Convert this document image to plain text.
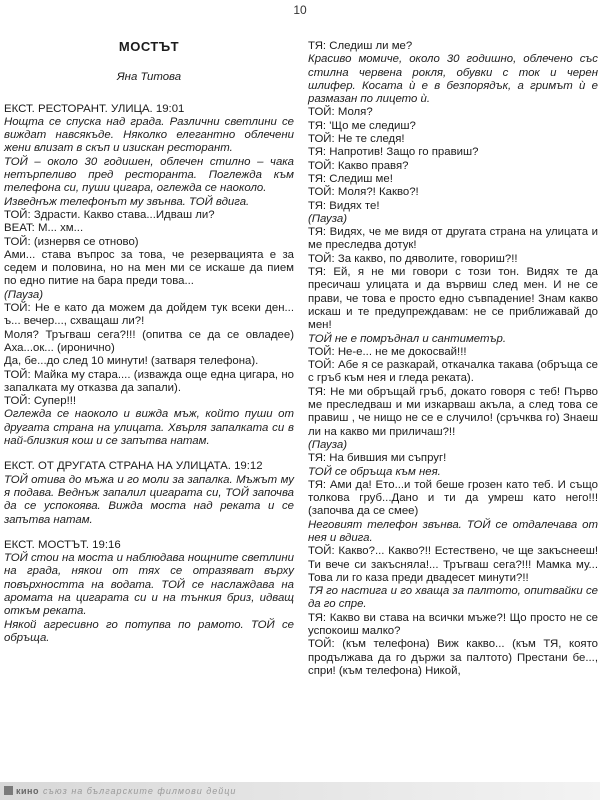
10

МОСТЪТ

Яна Титова

ЕКСТ. РЕСТОРАНТ. УЛИЦА. 19:01

Нощта се спуска над града. Различни светлини се виждат навсякъде. Няколко елегантно облечени жени влизат в скъп и изискан ресторант.

ТОЙ – около 30 годишен, облечен стилно – чака нетърпеливо пред ресторанта. Поглежда към телефона си, пуши цигара, оглежда се наоколо.

Изведнъж телефонът му звънва. ТОЙ вдига.

ТОЙ: Здрасти. Какво става...Идваш ли?

BEAT: М... хм...

ТОЙ: (изнервя се отново)

Ами... става въпрос за това, че резервацията е за седем и половина, но на мен ми се искаше да пием по едно питие на бара преди това...

(Пауза)

ТОЙ: Не е като да можем да дойдем тук всеки ден... ъ... вечер..., схващаш ли?!

Моля? Тръгваш сега?!!! (опитва се да се овладее) Аха...ок... (иронично)

Да, бе...до след 10 минути! (затваря телефона).

ТОЙ: Майка му стара.... (изважда още една цигара, но запалката му отказва да запали).

ТОЙ: Супер!!!

Оглежда се наоколо и вижда мъж, който пуши от другата страна на улицата. Хвърля запалката си в най-близкия кош и се запътва натам.

ЕКСТ. ОТ ДРУГАТА СТРАНА НА УЛИЦАТА. 19:12

ТОЙ отива до мъжа и го моли за запалка. Мъжът му я подава. Веднъж запалил цигарата си, ТОЙ започва да се успокоява. Вижда моста над реката и се запътва натам.

ЕКСТ. МОСТЪТ. 19:16

ТОЙ стои на моста и наблюдава нощните светлини на града, някои от тях се отразяват върху повърхността на водата. ТОЙ се наслаждава на аромата на цигарата си и на тънкия бриз, идващ откъм реката.

Някой агресивно го потупва по рамото. ТОЙ се обръща.

ТЯ: Следиш ли ме?

Красиво момиче, около 30 годишно, облечено със стилна червена рокля, обувки с ток и черен шлифер. Косата ѝ е в безпорядък, а гримът ѝ е размазан по лицето ѝ.

ТОЙ: Моля?

ТЯ: 'Що ме следиш?

ТОЙ: Не те следя!

ТЯ: Напротив! Защо го правиш?

ТОЙ: Какво правя?

ТЯ: Следиш ме!

ТОЙ: Моля?! Какво?!

ТЯ: Видях те!

(Пауза)

ТЯ: Видях, че ме видя от другата страна на улицата и ме преследва дотук!

ТОЙ: За какво, по дяволите, говориш?!!

ТЯ: Ей, я не ми говори с този тон. Видях те да пресичаш улицата и да вървиш след мен. И не се прави, че това е просто едно съвпадение! Знам какво искаш и те предупреждавам: не се приближавай до мен!

ТОЙ не е помръднал и сантиметър.

ТОЙ: Не-е... не ме докосвай!!!

ТОЙ: Абе я се разкарай, откачалка такава (обръща се с гръб към нея и гледа реката).

ТЯ: Не ми обръщай гръб, докато говоря с теб! Първо ме преследваш и ми изкарваш акъла, а след това се правиш , че нищо не се е случило! (сръчква го) Знаеш ли на какво ми приличаш?!!

(Пауза)

ТЯ: На бившия ми съпруг!

ТОЙ се обръща към нея.

ТЯ: Ами да! Ето...и той беше грозен като теб. И също толкова груб...Дано и ти да умреш като него!!! (започва да се смее)

Неговият телефон звънва. ТОЙ се отдалечава от нея и вдига.

ТОЙ: Какво?... Какво?!! Естествено, че ще закъснееш! Ти вече си закъсняла!... Тръгваш сега?!!! Мамка му... Това ли го каза преди двадесет минути?!!

ТЯ го настига и го хваща за палтото, опитвайки се да го спре.

ТЯ: Какво ви става на всички мъже?! Що просто не се успокоиш малко?

ТОЙ: (към телефона) Виж какво... (към ТЯ, която продължава да го държи за палтото) Престани бе..., спри! (към телефона) Никой,

кино съюз на българските филмови дейци
